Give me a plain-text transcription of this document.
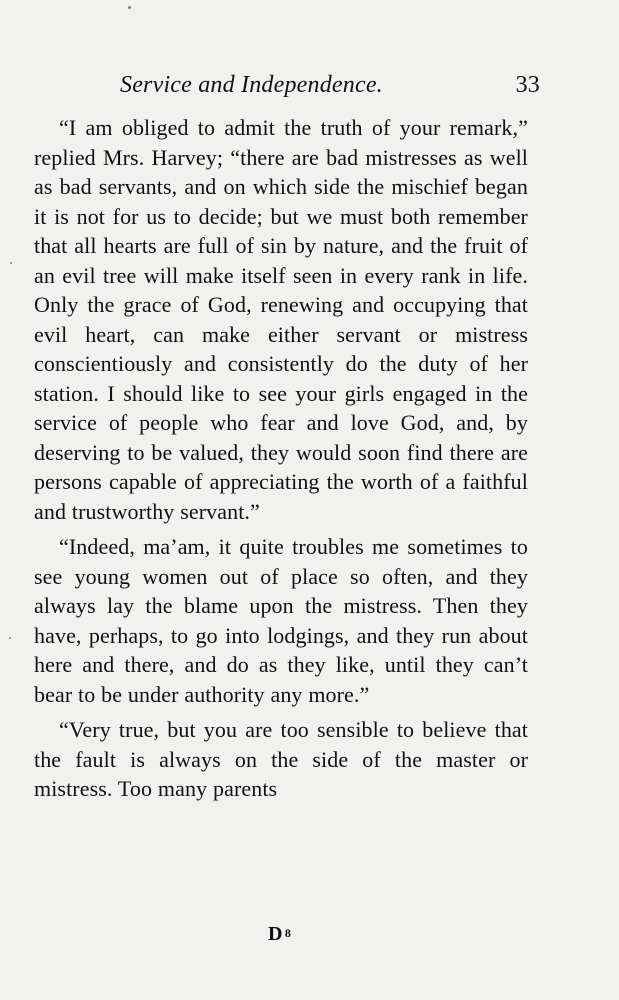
Service and Independence.	33

“I am obliged to admit the truth of your remark,” replied Mrs. Harvey; “there are bad mistresses as well as bad servants, and on which side the mischief began it is not for us to decide; but we must both remember that all hearts are full of sin by nature, and the fruit of an evil tree will make itself seen in every rank in life. Only the grace of God, renewing and occupying that evil heart, can make either servant or mistress conscientiously and consistently do the duty of her station. I should like to see your girls engaged in the service of people who fear and love God, and, by deserving to be valued, they would soon find there are persons capable of appreciating the worth of a faithful and trustworthy servant.”

“Indeed, ma’am, it quite troubles me sometimes to see young women out of place so often, and they always lay the blame upon the mistress. Then they have, perhaps, to go into lodgings, and they run about here and there, and do as they like, until they can’t bear to be under authority any more.”

“Very true, but you are too sensible to believe that the fault is always on the side of the master or mistress. Too many parents

D $^8$
